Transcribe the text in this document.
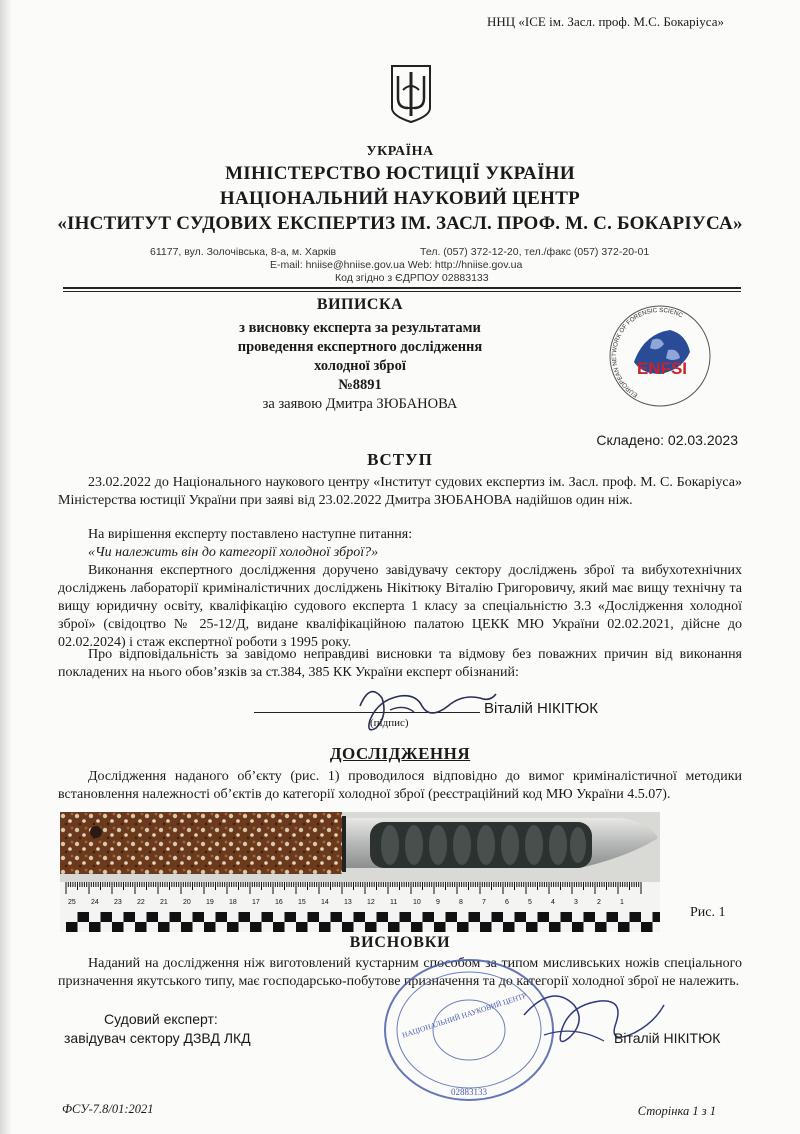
ННЦ «ІСЕ ім. Засл. проф. М.С. Бокаріуса»
УКРАЇНА
МІНІСТЕРСТВО ЮСТИЦІЇ УКРАЇНИ
НАЦІОНАЛЬНИЙ НАУКОВИЙ ЦЕНТР
«ІНСТИТУТ СУДОВИХ ЕКСПЕРТИЗ ІМ. ЗАСЛ. ПРОФ. М. С. БОКАРІУСА»
61177, вул. Золочівська, 8-а, м. Харків	Тел. (057) 372-12-20, тел./факс (057) 372-20-01
E-mail: hniise@hniise.gov.ua Web: http://hniise.gov.ua
Код згідно з ЄДРПОУ 02883133
ВИПИСКА
з висновку експерта за результатами
проведення експертного дослідження
холодної зброї
№8891
за заявою Дмитра ЗЮБАНОВА
EUROPEAN NETWORK OF FORENSIC SCIENCE	ENFSI
Складено: 02.03.2023
ВСТУП
23.02.2022 до Національного наукового центру «Інститут судових експертиз ім. Засл. проф. М. С. Бокаріуса» Міністерства юстиції України при заяві від 23.02.2022 Дмитра ЗЮБАНОВА надійшов один ніж.
На вирішення експерту поставлено наступне питання:
«Чи належить він до категорії холодної зброї?»
Виконання експертного дослідження доручено завідувачу сектору досліджень зброї та вибухотехнічних досліджень лабораторії криміналістичних досліджень Нікітюку Віталію Григоровичу, який має вищу технічну та вищу юридичну освіту, кваліфікацію судового експерта 1 класу за спеціальністю 3.3 «Дослідження холодної зброї» (свідоцтво № 25-12/Д, видане кваліфікаційною палатою ЦЕКК МЮ України 02.02.2021, дійсне до 02.02.2024) і стаж експертної роботи з 1995 року.
Про відповідальність за завідомо неправдиві висновки та відмову без поважних причин від виконання покладених на нього обов’язків за ст.384, 385 КК України експерт обізнаний:
Віталій НІКІТЮК
(підпис)
ДОСЛІДЖЕННЯ
Дослідження наданого об’єкту (рис. 1) проводилося відповідно до вимог криміналістичної методики встановлення належності об’єктів до категорії холодної зброї (реєстраційний код МЮ України 4.5.07).
25 24 23 22 21 20 19 18 17 16 15 14 13 12 11 10 9	8	7	6	5	4	3	2	1
Рис. 1
ВИСНОВКИ
Наданий на дослідження ніж виготовлений кустарним способом за типом мисливських ножів спеціального призначення якутського типу, має господарсько-побутове призначення та до категорії холодної зброї не належить.
НАЦІОНАЛЬНИЙ НАУКОВИЙ ЦЕНТР
02883133
Судовий експерт:
завідувач сектору ДЗВД ЛКД	Віталій НІКІТЮК
ФСУ-7.8/01:2021	Сторінка 1 з 1
